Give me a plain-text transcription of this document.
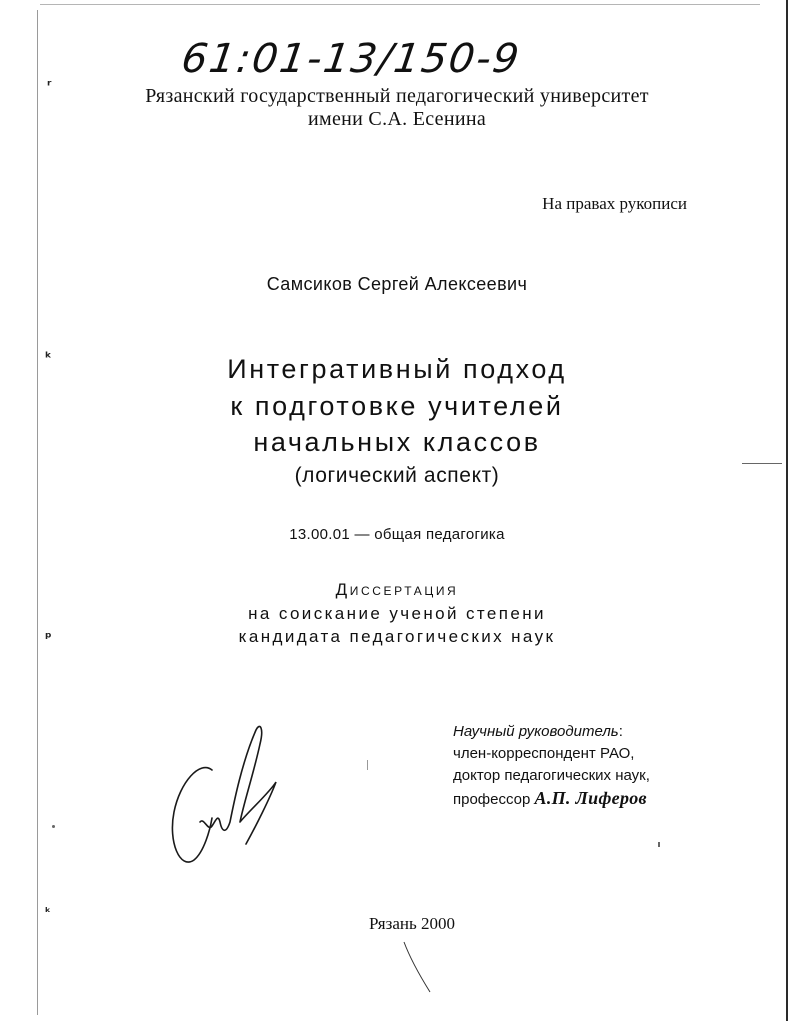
ʳ
ᵏ
ᵖ
ᵏ
61:01-13/150-9
Рязанский государственный педагогический университет
имени С.А. Есенина
На правах рукописи
Самсиков Сергей Алексеевич
Интегративный подход
к подготовке учителей
начальных классов
(логический аспект)
13.00.01 — общая педагогика
Диссертация
на соискание ученой степени
кандидата педагогических наук
Научный руководитель:
член-корреспондент РАО,
доктор педагогических наук,
профессор А.П. Лиферов
Рязань 2000
